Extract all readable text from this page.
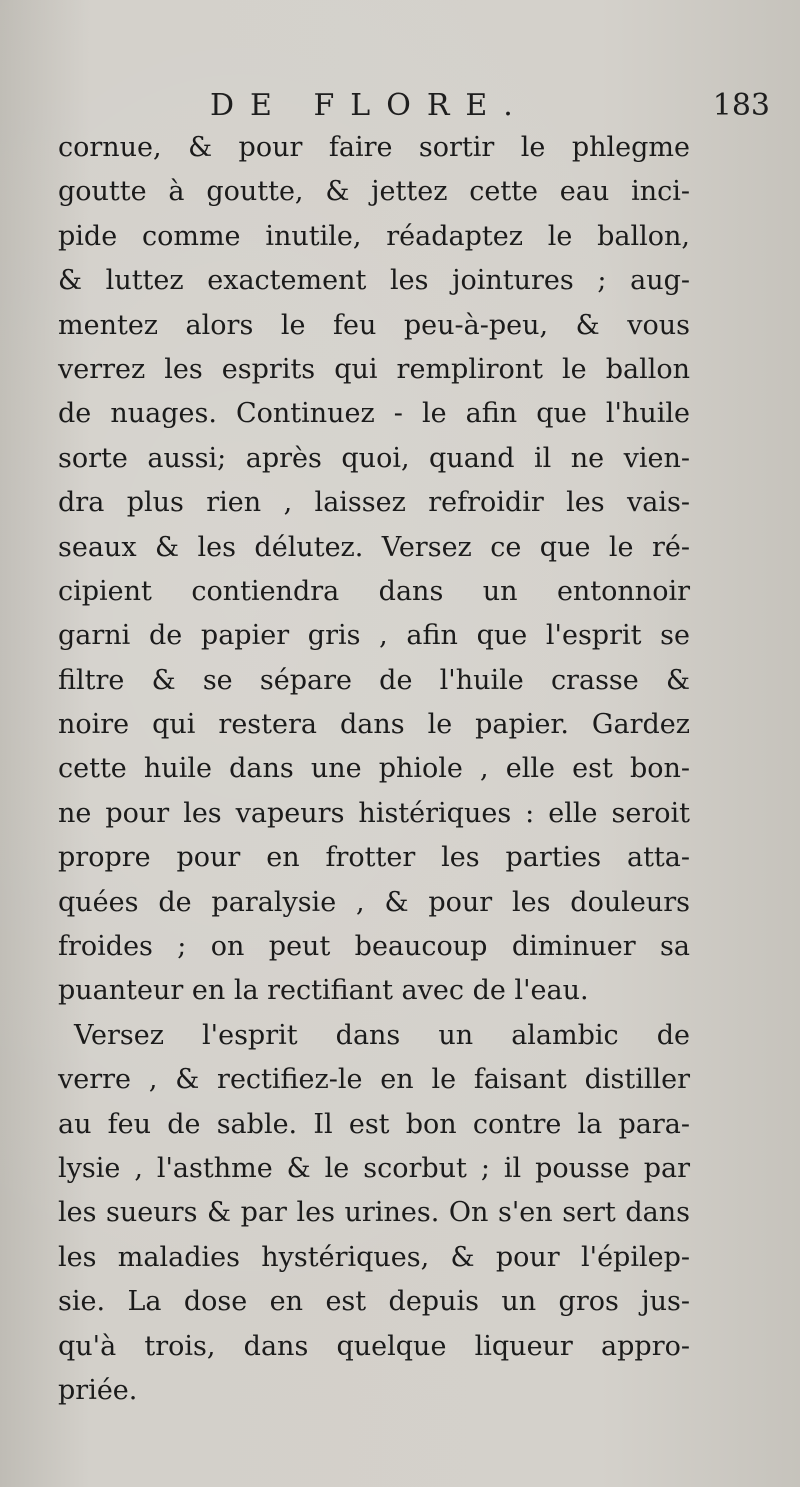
DE FLORE.	183
cornue, & pour faire sortir le phlegme
goutte à goutte, & jettez cette eau inci-
pide comme inutile, réadaptez le ballon,
& luttez exactement les jointures ; aug-
mentez alors le feu peu-à-peu, & vous
verrez les esprits qui rempliront le ballon
de nuages. Continuez - le afin que l'huile
sorte aussi; après quoi, quand il ne vien-
dra plus rien , laissez refroidir les vais-
seaux & les délutez. Versez ce que le ré-
cipient contiendra dans un entonnoir
garni de papier gris , afin que l'esprit se
filtre & se sépare de l'huile crasse &
noire qui restera dans le papier. Gardez
cette huile dans une phiole , elle est bon-
ne pour les vapeurs histériques : elle seroit
propre pour en frotter les parties atta-
quées de paralysie , & pour les douleurs
froides ; on peut beaucoup diminuer sa
puanteur en la rectifiant avec de l'eau.
Versez l'esprit dans un alambic de
verre , & rectifiez-le en le faisant distiller
au feu de sable. Il est bon contre la para-
lysie , l'asthme & le scorbut ; il pousse par
les sueurs & par les urines. On s'en sert dans
les maladies hystériques, & pour l'épilep-
sie. La dose en est depuis un gros jus-
qu'à trois, dans quelque liqueur appro-
priée.
